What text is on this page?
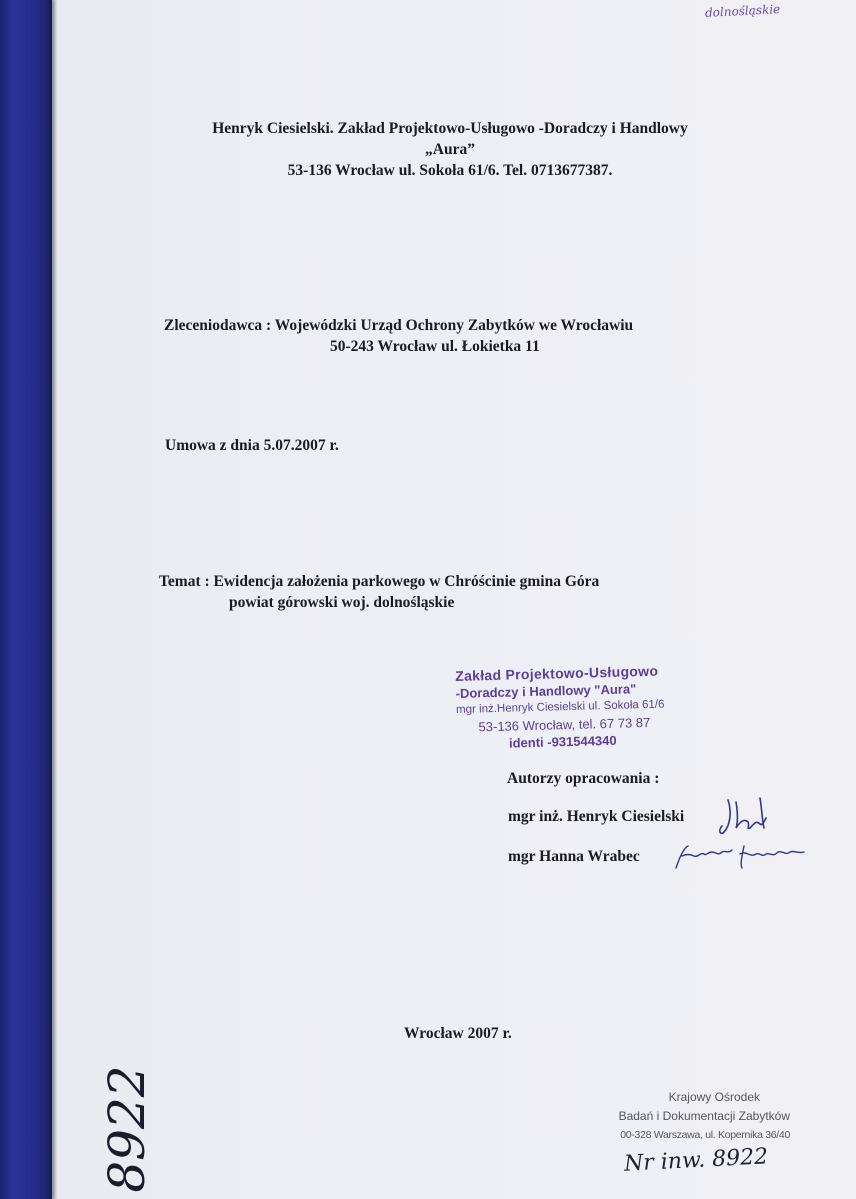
dolnośląskie
Henryk Ciesielski. Zakład Projektowo-Usługowo -Doradczy i Handlowy
„Aura”
53-136 Wrocław ul. Sokoła 61/6. Tel. 0713677387.
Zleceniodawca : Wojewódzki Urząd Ochrony Zabytków we Wrocławiu
50-243 Wrocław ul. Łokietka 11
Umowa z dnia 5.07.2007 r.
Temat : Ewidencja założenia parkowego w Chróścinie gmina Góra
powiat górowski woj. dolnośląskie
Zakład Projektowo-Usługowo
-Doradczy i Handlowy "Aura"
mgr inż.Henryk Ciesielski ul. Sokoła 61/6
53-136 Wrocław, tel. 67 73 87
identi -931544340
Autorzy opracowania :
mgr inż. Henryk Ciesielski
mgr Hanna Wrabec
Wrocław 2007 r.
8922	Krajowy Ośrodek
Badań i Dokumentacji Zabytków
00-328 Warszawa, ul. Kopernika 36/40
Nr inw. 8922
